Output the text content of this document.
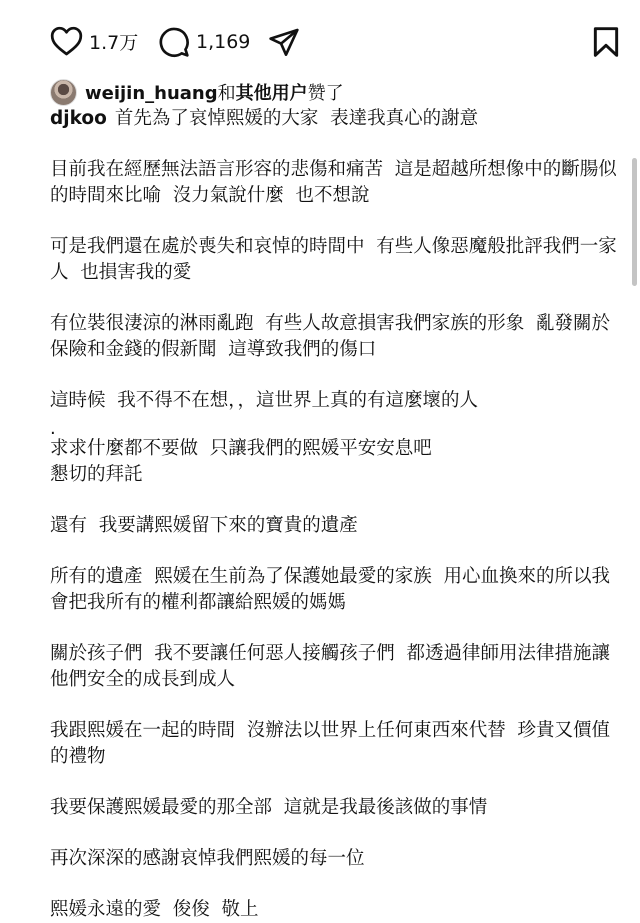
1.7万	1,169
weijin_huang和其他用户赞了

djkoo 首先為了哀悼熙媛的大家  表達我真心的謝意

目前我在經歷無法語言形容的悲傷和痛苦  這是超越所想像中的斷腸似的時間來比喻  沒力氣說什麼  也不想說

可是我們還在處於喪失和哀悼的時間中  有些人像惡魔般批評我們一家人  也損害我的愛

有位裝很淒涼的淋雨亂跑  有些人故意損害我們家族的形象  亂發關於保險和金錢的假新聞  這導致我們的傷口

這時候  我不得不在想，，這世界上真的有這麼壞的人

.

求求什麼都不要做  只讓我們的熙媛平安安息吧
懇切的拜託

還有  我要講熙媛留下來的寶貴的遺產

所有的遺產  熙媛在生前為了保護她最愛的家族  用心血換來的所以我會把我所有的權利都讓給熙媛的媽媽

關於孩子們  我不要讓任何惡人接觸孩子們  都透過律師用法律措施讓他們安全的成長到成人

我跟熙媛在一起的時間  沒辦法以世界上任何東西來代替  珍貴又價值的禮物

我要保護熙媛最愛的那全部  這就是我最後該做的事情

再次深深的感謝哀悼我們熙媛的每一位

熙媛永遠的愛  俊俊  敬上
